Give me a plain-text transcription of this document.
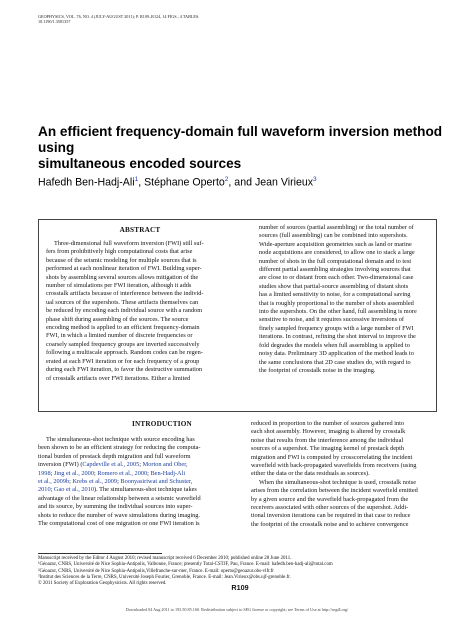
GEOPHYSICS, VOL. 76, NO. 4 (JULY-AUGUST 2011); P. R109–R124, 14 FIGS., 4 TABLES.
10.1190/1.3581357
An efficient frequency-domain full waveform inversion method using
simultaneous encoded sources
Hafedh Ben-Hadj-Ali$^1$, Stéphane Operto$^2$, and Jean Virieux$^3$
ABSTRACT
Three-dimensional full waveform inversion (FWI) still suf-
fers from prohibitively high computational costs that arise
because of the seismic modeling for multiple sources that is
performed at each nonlinear iteration of FWI. Building super-
shots by assembling several sources allows mitigation of the
number of simulations per FWI iteration, although it adds
crosstalk artifacts because of interference between the individ-
ual sources of the supershots. These artifacts themselves can
be reduced by encoding each individual source with a random
phase shift during assembling of the sources. The source
encoding method is applied to an efficient frequency-domain
FWI, in which a limited number of discrete frequencies or
coarsely sampled frequency groups are inverted successively
following a multiscale approach. Random codes can be regen-
erated at each FWI iteration or for each frequency of a group
during each FWI iteration, to favor the destructive summation
of crosstalk artifacts over FWI iterations. Either a limited
number of sources (partial assembling) or the total number of
sources (full assembling) can be combined into supershots.
Wide-aperture acquisition geometries such as land or marine
node acquisitions are considered, to allow one to stack a large
number of shots in the full computational domain and to test
different partial assembling strategies involving sources that
are close to or distant from each other. Two-dimensional case
studies show that partial-source assembling of distant shots
has a limited sensitivity to noise, for a computational saving
that is roughly proportional to the number of shots assembled
into the supershots. On the other hand, full assembling is more
sensitive to noise, and it requires successive inversions of
finely sampled frequency groups with a large number of FWI
iterations. In contrast, refining the shot interval to improve the
fold degrades the models when full assembling is applied to
noisy data. Preliminary 3D application of the method leads to
the same conclusions that 2D case studies do, with regard to
the footprint of crosstalk noise in the imaging.
INTRODUCTION
The simultaneous-shot technique with source encoding has
been shown to be an efficient strategy for reducing the computa-
tional burden of prestack depth migration and full waveform
inversion (FWI) (Capdeville et al., 2005; Morton and Ober,
1998; Jing et al., 2000; Romero et al., 2000; Ben-Hadj-Ali
et al., 2009b; Krebs et al., 2009; Boonyasiriwat and Schuster,
2010; Gao et al., 2010). The simultaneous-shot technique takes
advantage of the linear relationship between a seismic wavefield
and its source, by summing the individual sources into super-
shots to reduce the number of wave simulations during imaging.
The computational cost of one migration or one FWI iteration is
reduced in proportion to the number of sources gathered into
each shot assembly. However, imaging is altered by crosstalk
noise that results from the interference among the individual
sources of a supershot. The imaging kernel of prestack depth
migration and FWI is computed by crosscorrelating the incident
wavefield with back-propagated wavefields from receivers (using
either the data or the data residuals as sources).
When the simultaneous-shot technique is used, crosstalk noise
arises from the correlation between the incident wavefield emitted
by a given source and the wavefield back-propagated from the
receivers associated with other sources of the supershot. Addi-
tional inversion iterations can be required in that case to reduce
the footprint of the crosstalk noise and to achieve convergence
Manuscript received by the Editor 4 August 2010; revised manuscript received 6 December 2010; published online 28 June 2011.
¹Géoazur, CNRS, Université de Nice Sophia-Antipolis, Valbonne, France; presently Total-CSTJF, Pau, France. E-mail: hafedh.ben-hadj-ali@total.com
²Géoazur, CNRS, Université de Nice Sophia-Antipolis,Villefranche-sur-mer, France. E-mail: operto@geoazur.obs-vlfr.fr
³Institut des Sciences de la Terre, CNRS, Université Joseph Fourier, Grenoble, France. E-mail: Jean.Virieux@obs.ujf-grenoble.fr.
© 2011 Society of Exploration Geophysicists. All rights reserved.	R109
Downloaded 04 Aug 2011 to 193.50.85.160. Redistribution subject to SEG license or copyright; see Terms of Use at http://segdl.org/
